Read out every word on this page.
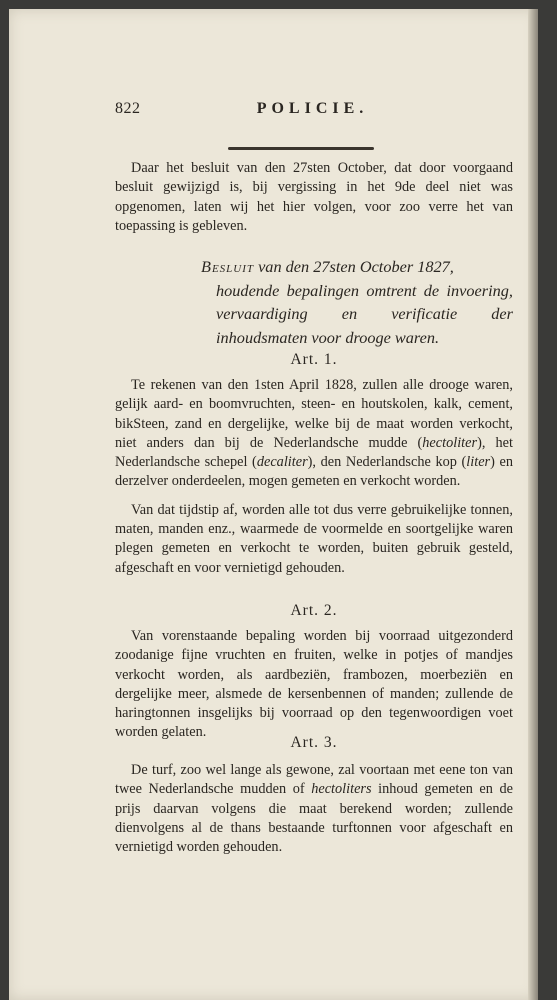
822	POLICIE.

Daar het besluit van den 27sten October, dat door voorgaand besluit gewijzigd is, bij vergissing in het 9de deel niet was opgenomen, laten wij het hier volgen, voor zoo verre het van toepassing is gebleven.

Besluit van den 27sten October 1827,
houdende bepalingen omtrent de invoering, vervaardiging en verificatie der inhoudsmaten voor drooge waren.
Art. 1.

Te rekenen van den 1sten April 1828, zullen alle drooge waren, gelijk aard- en boomvruchten, steen- en houtskolen, kalk, cement, bikSteen, zand en dergelijke, welke bij de maat worden verkocht, niet anders dan bij de Nederlandsche mudde (hectoliter), het Nederlandsche schepel (decaliter), den Nederlandsche kop (liter) en derzelver onderdeelen, mogen gemeten en verkocht worden.

Van dat tijdstip af, worden alle tot dus verre gebruikelijke tonnen, maten, manden enz., waarmede de voormelde en soortgelijke waren plegen gemeten en verkocht te worden, buiten gebruik gesteld, afgeschaft en voor vernietigd gehouden.

Art. 2.

Van vorenstaande bepaling worden bij voorraad uitgezonderd zoodanige fijne vruchten en fruiten, welke in potjes of mandjes verkocht worden, als aardbeziën, frambozen, moerbeziën en dergelijke meer, alsmede de kersenbennen of manden; zullende de haringtonnen insgelijks bij voorraad op den tegenwoordigen voet worden gelaten.

Art. 3.

De turf, zoo wel lange als gewone, zal voortaan met eene ton van twee Nederlandsche mudden of hectoliters inhoud gemeten en de prijs daarvan volgens die maat berekend worden; zullende dienvolgens al de thans bestaande turftonnen voor afgeschaft en vernietigd worden gehouden.
